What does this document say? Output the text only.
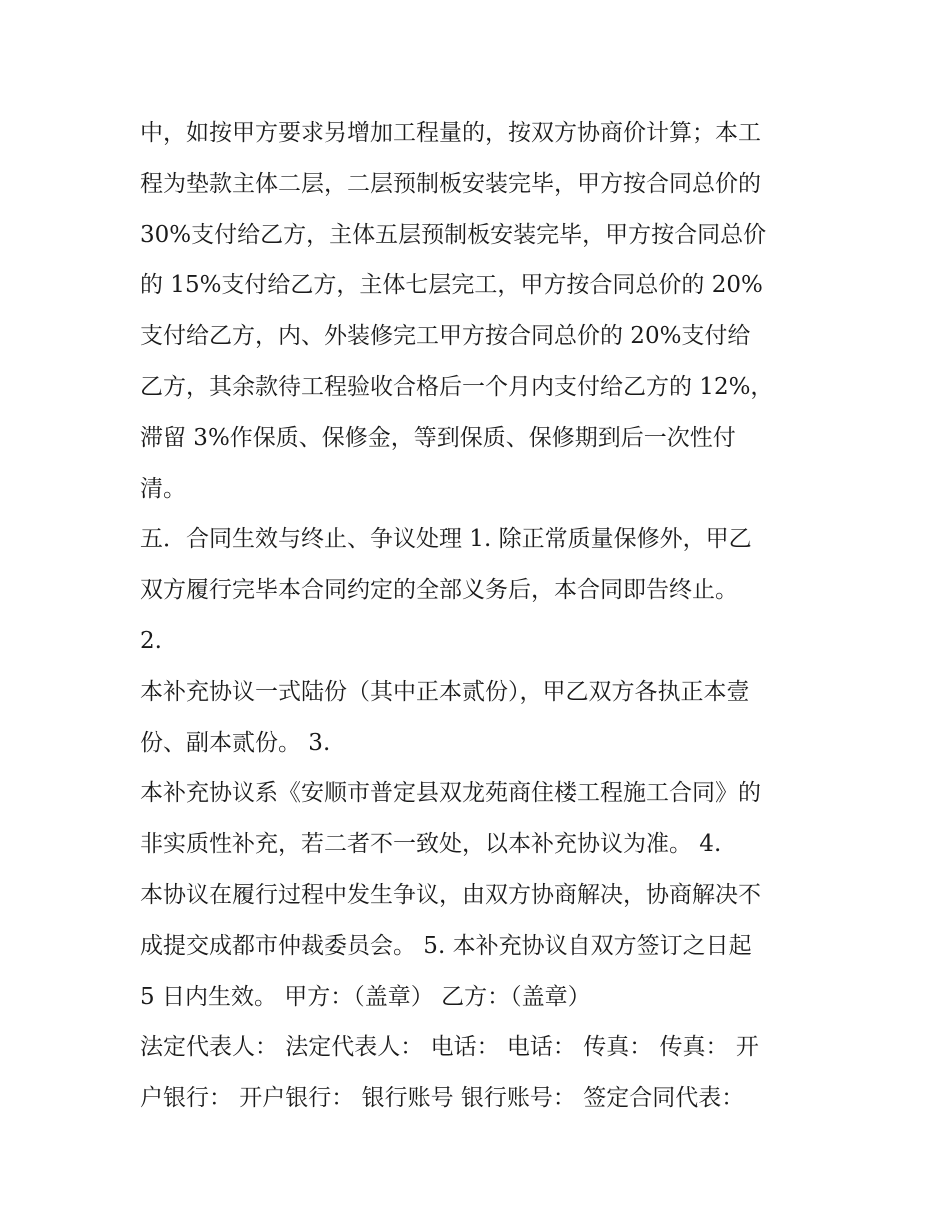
中，如按甲方要求另增加工程量的，按双方协商价计算；本工
程为垫款主体二层，二层预制板安装完毕，甲方按合同总价的
30%支付给乙方，主体五层预制板安装完毕，甲方按合同总价
的 15%支付给乙方，主体七层完工，甲方按合同总价的 20%
支付给乙方，内、外装修完工甲方按合同总价的 20%支付给
乙方，其余款待工程验收合格后一个月内支付给乙方的 12%，
滞留 3%作保质、保修金，等到保质、保修期到后一次性付
清。
五．合同生效与终止、争议处理 1. 除正常质量保修外，甲乙
双方履行完毕本合同约定的全部义务后，本合同即告终止。
2.
本补充协议一式陆份（其中正本贰份），甲乙双方各执正本壹
份、副本贰份。 3.
本补充协议系《安顺市普定县双龙苑商住楼工程施工合同》的
非实质性补充，若二者不一致处，以本补充协议为准。 4.
本协议在履行过程中发生争议，由双方协商解决，协商解决不
成提交成都市仲裁委员会。 5. 本补充协议自双方签订之日起
5 日内生效。 甲方：（盖章） 乙方：（盖章）
法定代表人： 法定代表人： 电话： 电话： 传真： 传真： 开
户银行： 开户银行： 银行账号 银行账号： 签定合同代表：
